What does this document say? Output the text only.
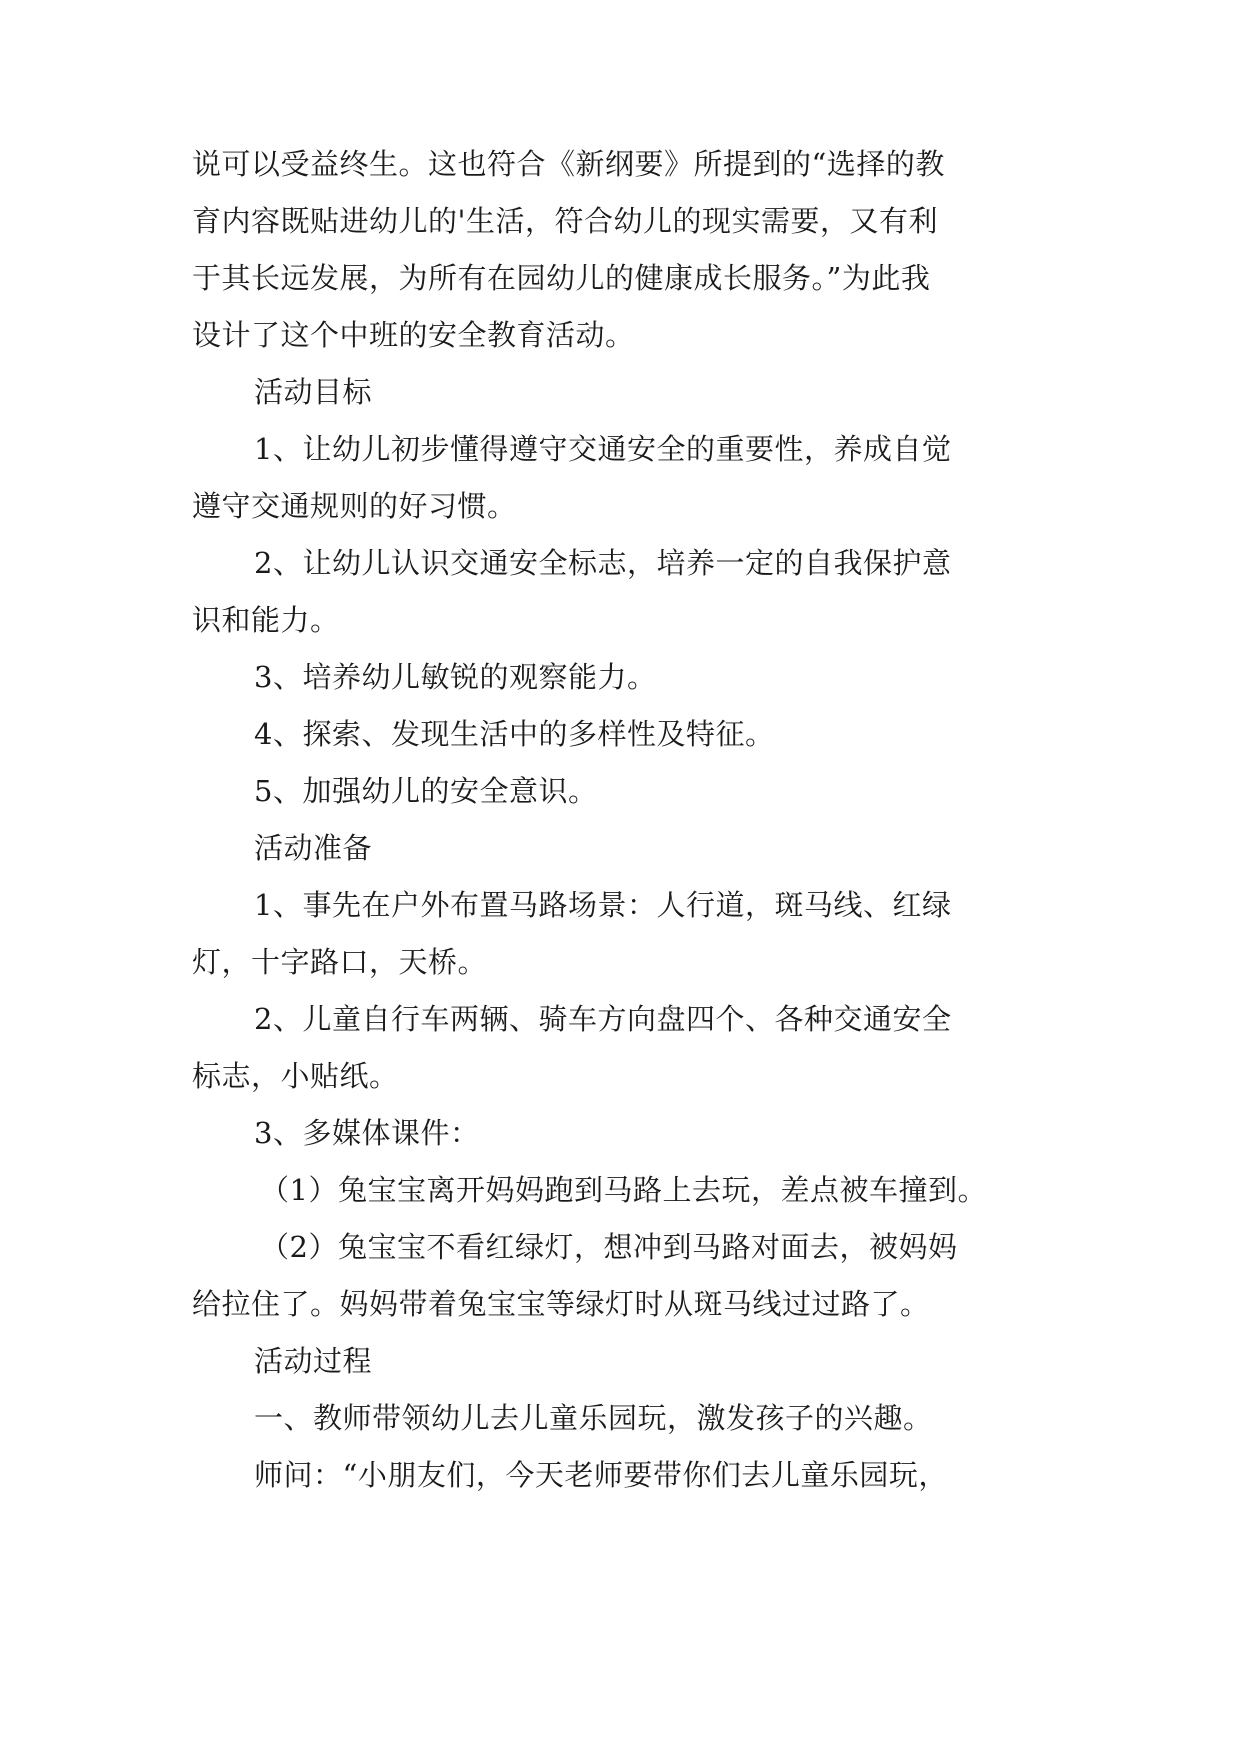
说可以受益终生。这也符合《新纲要》所提到的“选择的教

育内容既贴进幼儿的'生活，符合幼儿的现实需要，又有利

于其长远发展，为所有在园幼儿的健康成长服务。”为此我

设计了这个中班的安全教育活动。

活动目标

1、让幼儿初步懂得遵守交通安全的重要性，养成自觉

遵守交通规则的好习惯。

2、让幼儿认识交通安全标志，培养一定的自我保护意

识和能力。

3、培养幼儿敏锐的观察能力。

4、探索、发现生活中的多样性及特征。

5、加强幼儿的安全意识。

活动准备

1、事先在户外布置马路场景：人行道，斑马线、红绿

灯，十字路口，天桥。

2、儿童自行车两辆、骑车方向盘四个、各种交通安全

标志，小贴纸。

3、多媒体课件：

（1）兔宝宝离开妈妈跑到马路上去玩，差点被车撞到。

（2）兔宝宝不看红绿灯，想冲到马路对面去，被妈妈

给拉住了。妈妈带着兔宝宝等绿灯时从斑马线过过路了。

活动过程

一、教师带领幼儿去儿童乐园玩，激发孩子的兴趣。

师问：“小朋友们，今天老师要带你们去儿童乐园玩，
